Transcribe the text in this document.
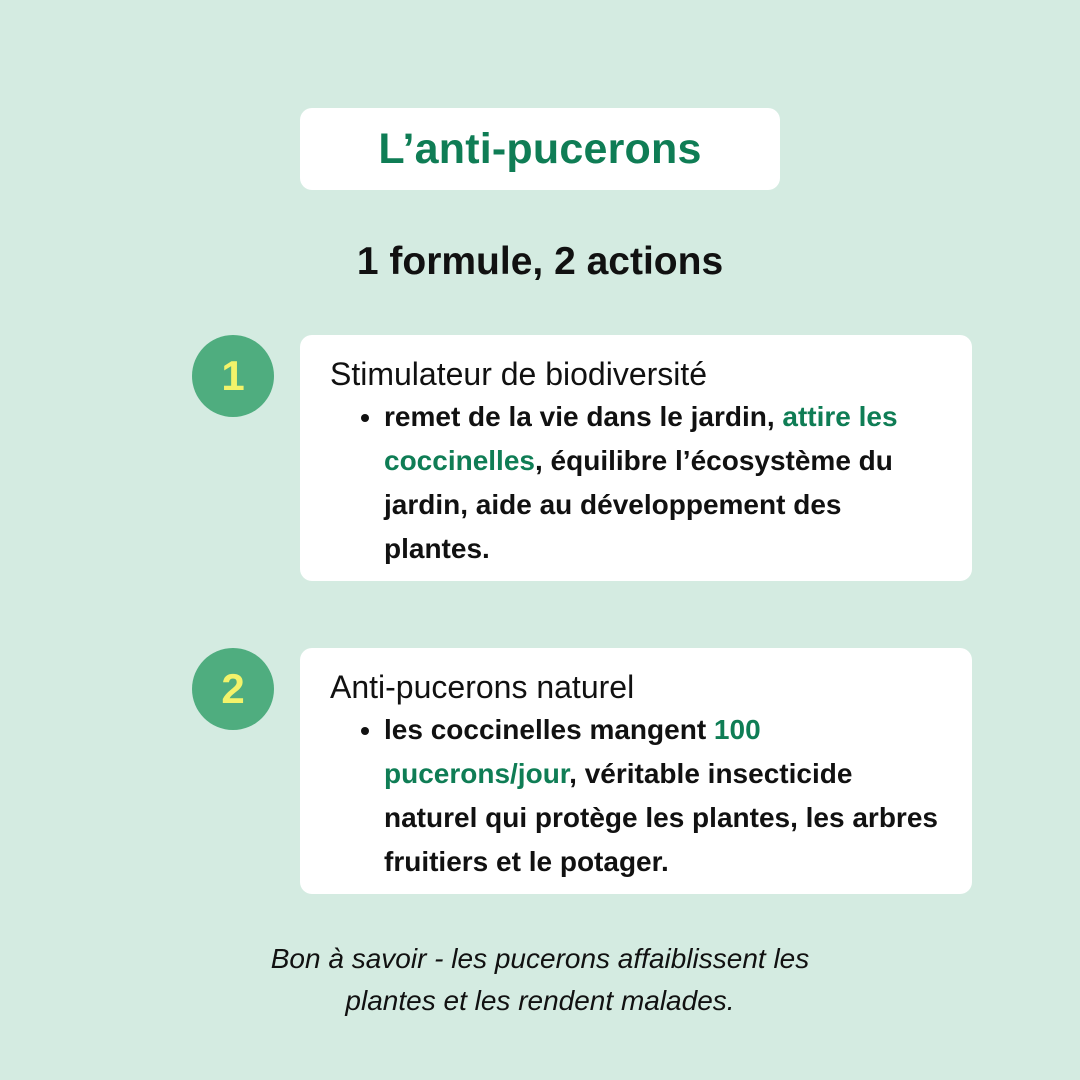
L’anti-pucerons
1 formule, 2 actions
1	Stimulateur de biodiversité
• remet de la vie dans le jardin, attire les coccinelles, équilibre l’écosystème du jardin, aide au développement des plantes.
2	Anti-pucerons naturel
• les coccinelles mangent 100 pucerons/jour, véritable insecticide naturel qui protège les plantes, les arbres fruitiers et le potager.
Bon à savoir - les pucerons affaiblissent les
plantes et les rendent malades.
